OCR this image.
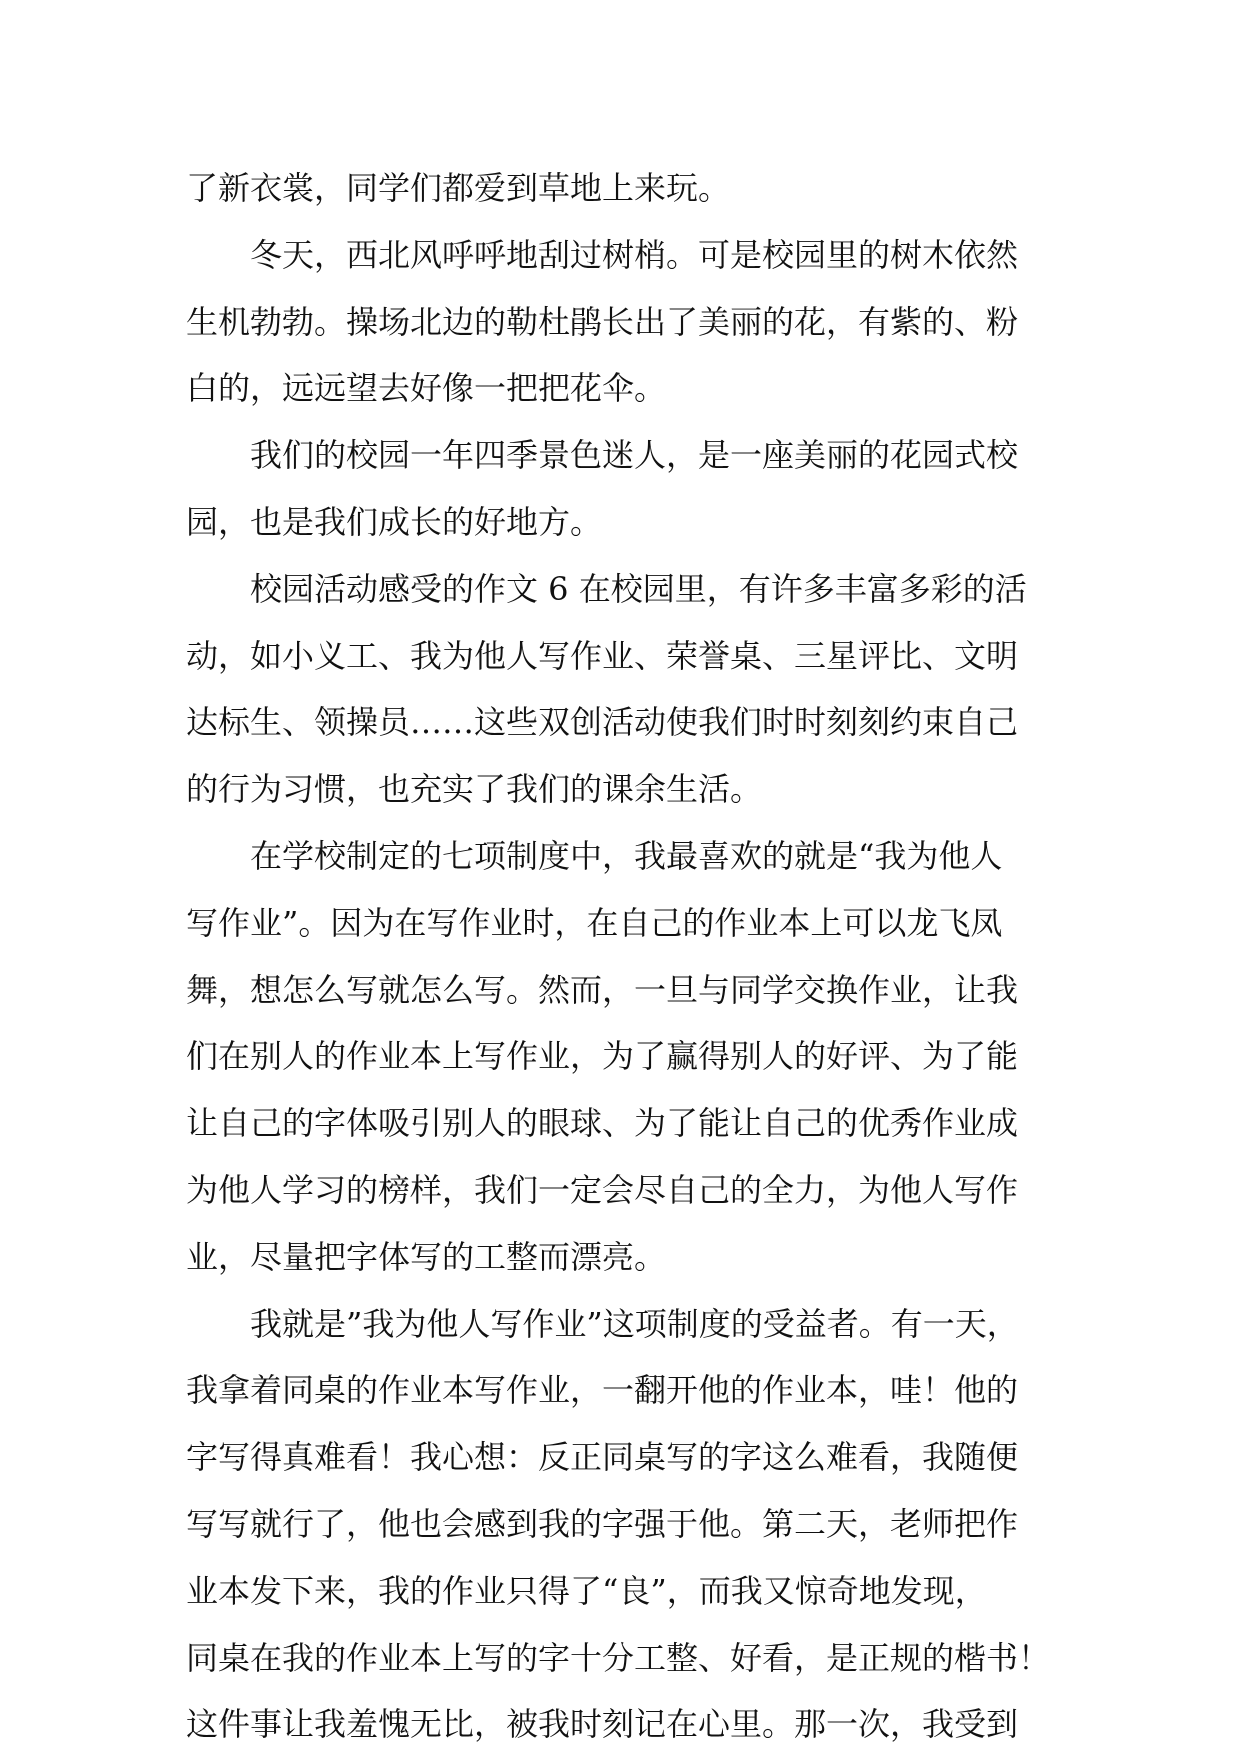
了新衣裳，同学们都爱到草地上来玩。
　　冬天，西北风呼呼地刮过树梢。可是校园里的树木依然
生机勃勃。操场北边的勒杜鹃长出了美丽的花，有紫的、粉
白的，远远望去好像一把把花伞。
　　我们的校园一年四季景色迷人，是一座美丽的花园式校
园，也是我们成长的好地方。
　　校园活动感受的作文 6 在校园里，有许多丰富多彩的活
动，如小义工、我为他人写作业、荣誉桌、三星评比、文明
达标生、领操员……这些双创活动使我们时时刻刻约束自己
的行为习惯，也充实了我们的课余生活。
　　在学校制定的七项制度中，我最喜欢的就是“我为他人
写作业”。因为在写作业时，在自己的作业本上可以龙飞凤
舞，想怎么写就怎么写。然而，一旦与同学交换作业，让我
们在别人的作业本上写作业，为了赢得别人的好评、为了能
让自己的字体吸引别人的眼球、为了能让自己的优秀作业成
为他人学习的榜样，我们一定会尽自己的全力，为他人写作
业，尽量把字体写的工整而漂亮。
　　我就是”我为他人写作业”这项制度的受益者。有一天，
我拿着同桌的作业本写作业，一翻开他的作业本，哇！他的
字写得真难看！我心想：反正同桌写的字这么难看，我随便
写写就行了，他也会感到我的字强于他。第二天，老师把作
业本发下来，我的作业只得了“良”，而我又惊奇地发现，
同桌在我的作业本上写的字十分工整、好看，是正规的楷书！
这件事让我羞愧无比，被我时刻记在心里。那一次，我受到
